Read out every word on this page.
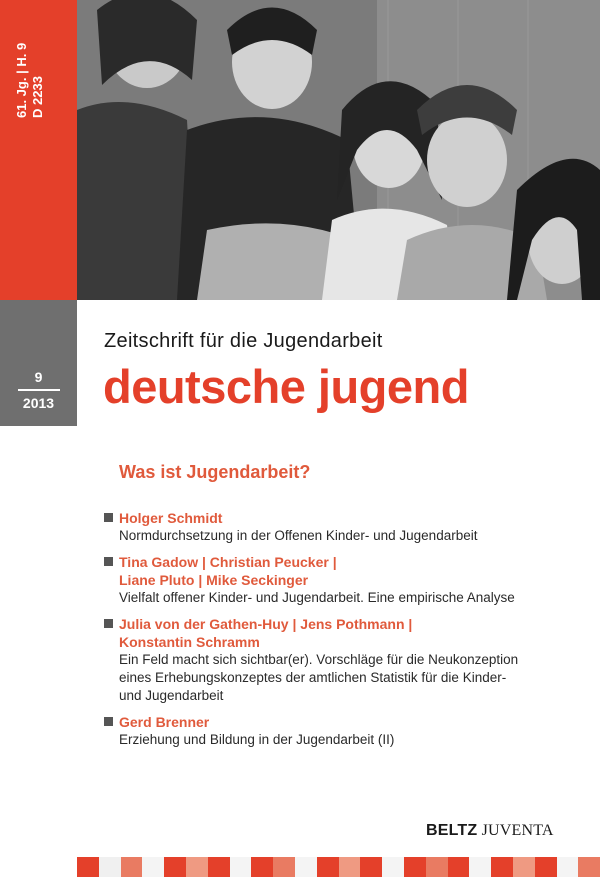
61. Jg. | H. 9 D 2233
9
2013
Zeitschrift für die Jugendarbeit
deutsche jugend
Was ist Jugendarbeit?
Holger Schmidt
Normdurchsetzung in der Offenen Kinder- und Jugendarbeit
Tina Gadow | Christian Peucker |
Liane Pluto | Mike Seckinger
Vielfalt offener Kinder- und Jugendarbeit. Eine empirische Analyse
Julia von der Gathen-Huy | Jens Pothmann |
Konstantin Schramm
Ein Feld macht sich sichtbar(er). Vorschläge für die Neukonzeption
eines Erhebungskonzeptes der amtlichen Statistik für die Kinder-
und Jugendarbeit
Gerd Brenner
Erziehung und Bildung in der Jugendarbeit (II)
BELTZ JUVENTA
